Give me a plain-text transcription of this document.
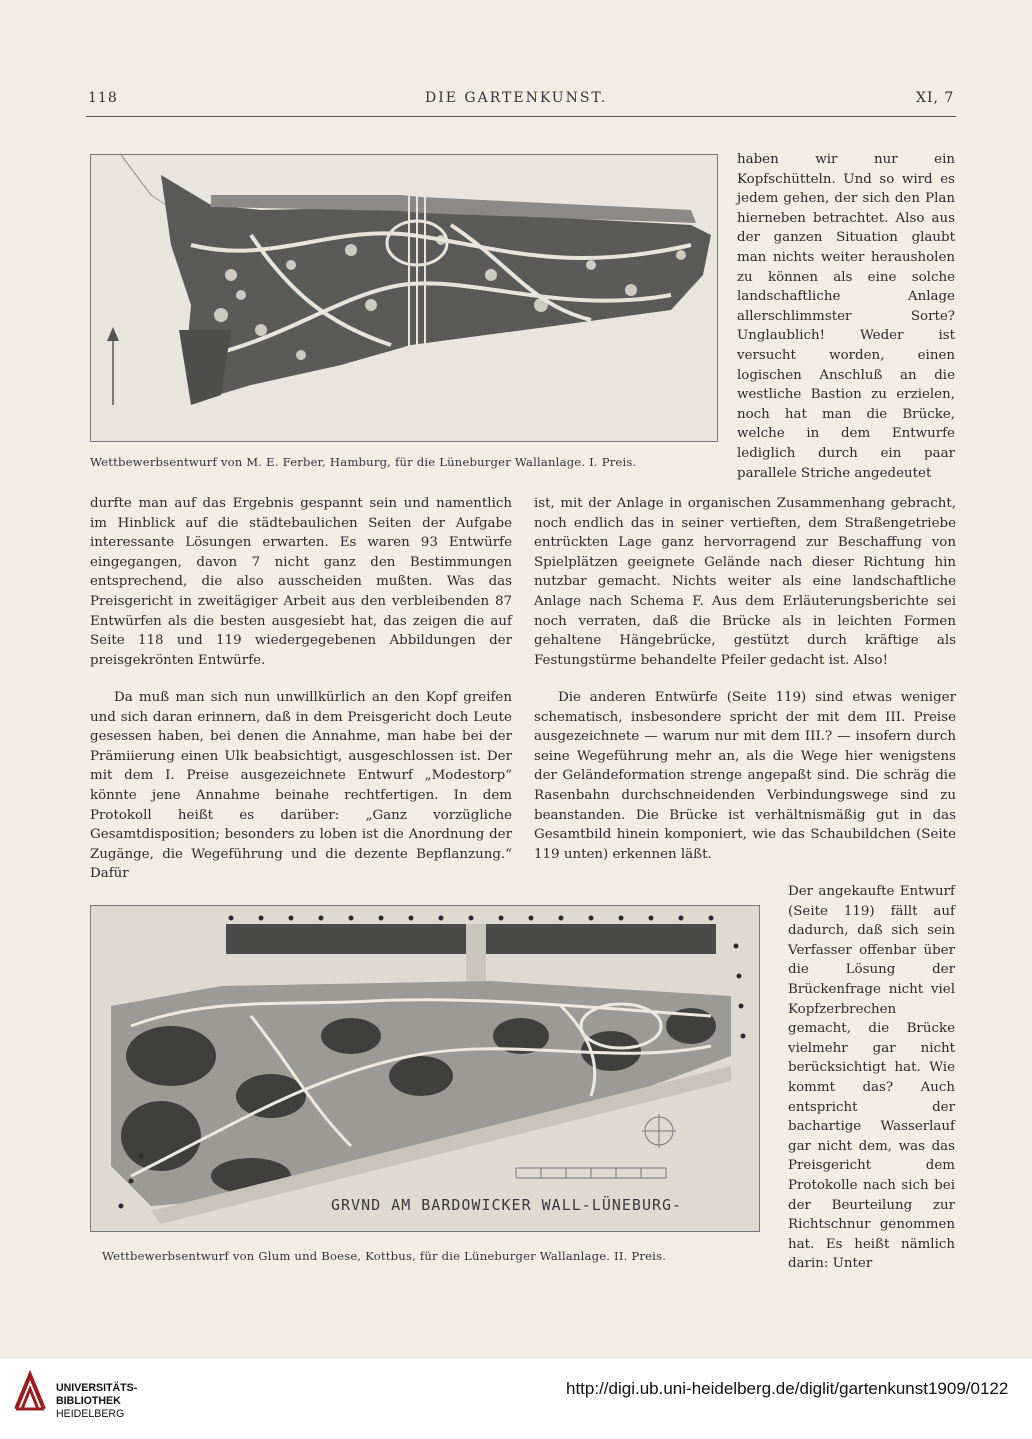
118	DIE GARTENKUNST.	XI, 7
Wettbewerbsentwurf von M. E. Ferber, Hamburg, für die Lüneburger Wallanlage. I. Preis.
haben wir nur ein Kopfschütteln. Und so wird es jedem gehen, der sich den Plan hierneben betrachtet. Also aus der ganzen Situation glaubt man nichts weiter herausholen zu können als eine solche landschaftliche Anlage allerschlimmster Sorte? Unglaublich! Weder ist versucht worden, einen logischen Anschluß an die westliche Bastion zu erzielen, noch hat man die Brücke, welche in dem Entwurfe lediglich durch ein paar parallele Striche angedeutet
durfte man auf das Ergebnis gespannt sein und namentlich im Hinblick auf die städtebaulichen Seiten der Aufgabe interessante Lösungen erwarten. Es waren 93 Entwürfe eingegangen, davon 7 nicht ganz den Bestimmungen entsprechend, die also ausscheiden mußten. Was das Preisgericht in zweitägiger Arbeit aus den verbleibenden 87 Entwürfen als die besten ausgesiebt hat, das zeigen die auf Seite 118 und 119 wiedergegebenen Abbildungen der preisgekrönten Entwürfe.
Da muß man sich nun unwillkürlich an den Kopf greifen und sich daran erinnern, daß in dem Preisgericht doch Leute gesessen haben, bei denen die Annahme, man habe bei der Prämiierung einen Ulk beabsichtigt, ausgeschlossen ist. Der mit dem I. Preise ausgezeichnete Entwurf „Modestorp“ könnte jene Annahme beinahe rechtfertigen. In dem Protokoll heißt es darüber: „Ganz vorzügliche Gesamtdisposition; besonders zu loben ist die Anordnung der Zugänge, die Wegeführung und die dezente Bepflanzung.“ Dafür
ist, mit der Anlage in organischen Zusammenhang gebracht, noch endlich das in seiner vertieften, dem Straßengetriebe entrückten Lage ganz hervorragend zur Beschaffung von Spielplätzen geeignete Gelände nach dieser Richtung hin nutzbar gemacht. Nichts weiter als eine landschaftliche Anlage nach Schema F. Aus dem Erläuterungsberichte sei noch verraten, daß die Brücke als in leichten Formen gehaltene Hängebrücke, gestützt durch kräftige als Festungstürme behandelte Pfeiler gedacht ist. Also!
Die anderen Entwürfe (Seite 119) sind etwas weniger schematisch, insbesondere spricht der mit dem III. Preise ausgezeichnete — warum nur mit dem III.? — insofern durch seine Wegeführung mehr an, als die Wege hier wenigstens der Geländeformation strenge angepaßt sind. Die schräg die Rasenbahn durchschneidenden Verbindungswege sind zu beanstanden. Die Brücke ist verhältnismäßig gut in das Gesamtbild hinein komponiert, wie das Schaubildchen (Seite 119 unten) erkennen läßt.
GRVND AM BARDOWICKER WALL-LÜNEBURG-
Wettbewerbsentwurf von Glum und Boese, Kottbus, für die Lüneburger Wallanlage. II. Preis.
Der angekaufte Entwurf (Seite 119) fällt auf dadurch, daß sich sein Verfasser offenbar über die Lösung der Brückenfrage nicht viel Kopfzerbrechen gemacht, die Brücke vielmehr gar nicht berücksichtigt hat. Wie kommt das? Auch entspricht der bachartige Wasserlauf gar nicht dem, was das Preisgericht dem Protokolle nach sich bei der Beurteilung zur Richtschnur genommen hat. Es heißt nämlich darin: Unter
UNIVERSITÄTS-
BIBLIOTHEK
HEIDELBERG
http://digi.ub.uni-heidelberg.de/diglit/gartenkunst1909/0122
